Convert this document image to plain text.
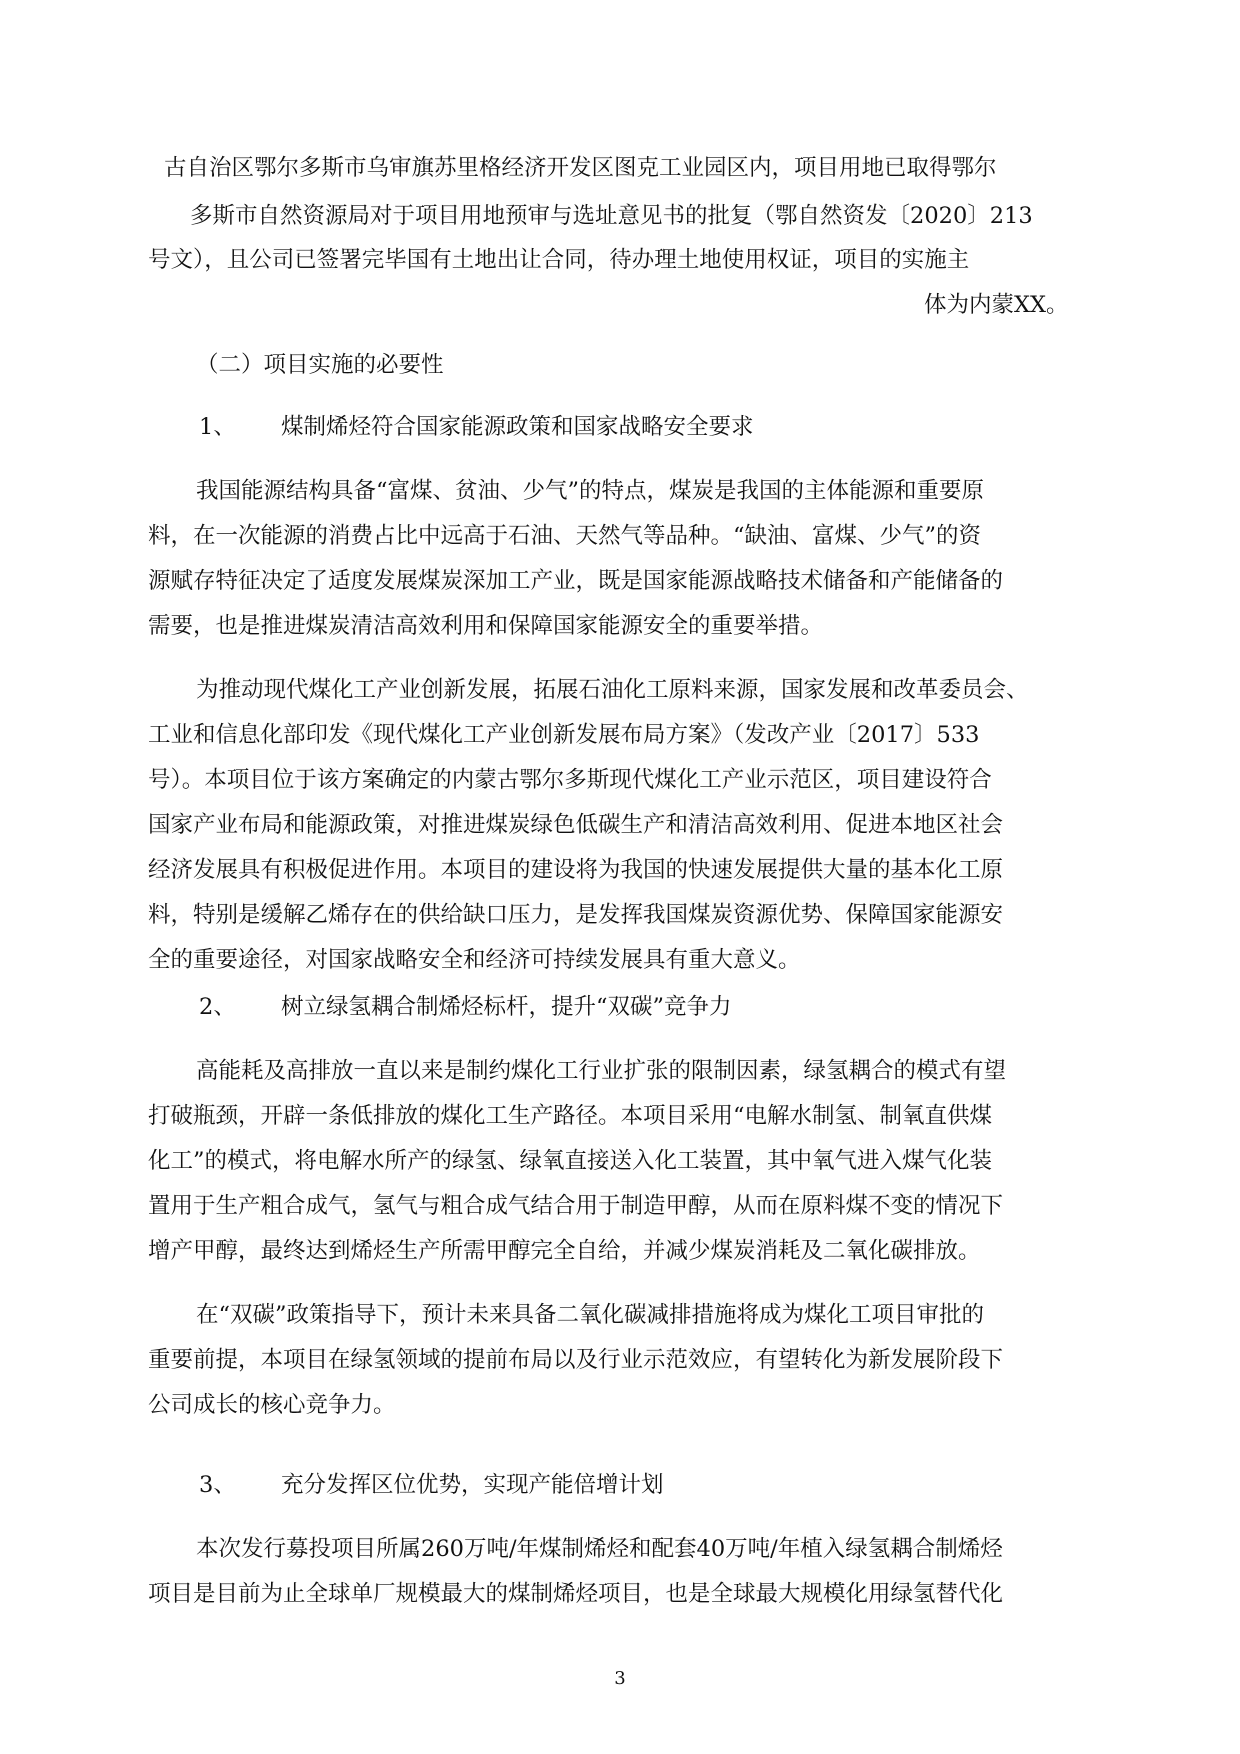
古自治区鄂尔多斯市乌审旗苏里格经济开发区图克工业园区内，项目用地已取得鄂尔

多斯市自然资源局对于项目用地预审与选址意见书的批复（鄂自然资发〔2020〕213

号文），且公司已签署完毕国有土地出让合同，待办理土地使用权证，项目的实施主

体为内蒙XX。

（二）项目实施的必要性

1、 煤制烯烃符合国家能源政策和国家战略安全要求

我国能源结构具备“富煤、贫油、少气”的特点，煤炭是我国的主体能源和重要原

料，在一次能源的消费占比中远高于石油、天然气等品种。“缺油、富煤、少气”的资

源赋存特征决定了适度发展煤炭深加工产业，既是国家能源战略技术储备和产能储备的

需要，也是推进煤炭清洁高效利用和保障国家能源安全的重要举措。

为推动现代煤化工产业创新发展，拓展石油化工原料来源，国家发展和改革委员会、

工业和信息化部印发《现代煤化工产业创新发展布局方案》（发改产业〔2017〕533

号）。本项目位于该方案确定的内蒙古鄂尔多斯现代煤化工产业示范区，项目建设符合

国家产业布局和能源政策，对推进煤炭绿色低碳生产和清洁高效利用、促进本地区社会

经济发展具有积极促进作用。本项目的建设将为我国的快速发展提供大量的基本化工原

料，特别是缓解乙烯存在的供给缺口压力，是发挥我国煤炭资源优势、保障国家能源安

全的重要途径，对国家战略安全和经济可持续发展具有重大意义。

2、 树立绿氢耦合制烯烃标杆，提升“双碳”竞争力

高能耗及高排放一直以来是制约煤化工行业扩张的限制因素，绿氢耦合的模式有望

打破瓶颈，开辟一条低排放的煤化工生产路径。本项目采用“电解水制氢、制氧直供煤

化工”的模式，将电解水所产的绿氢、绿氧直接送入化工装置，其中氧气进入煤气化装

置用于生产粗合成气，氢气与粗合成气结合用于制造甲醇，从而在原料煤不变的情况下

增产甲醇，最终达到烯烃生产所需甲醇完全自给，并减少煤炭消耗及二氧化碳排放。

在“双碳”政策指导下，预计未来具备二氧化碳减排措施将成为煤化工项目审批的

重要前提，本项目在绿氢领域的提前布局以及行业示范效应，有望转化为新发展阶段下

公司成长的核心竞争力。

3、 充分发挥区位优势，实现产能倍增计划

本次发行募投项目所属260万吨/年煤制烯烃和配套40万吨/年植入绿氢耦合制烯烃

项目是目前为止全球单厂规模最大的煤制烯烃项目，也是全球最大规模化用绿氢替代化

3
